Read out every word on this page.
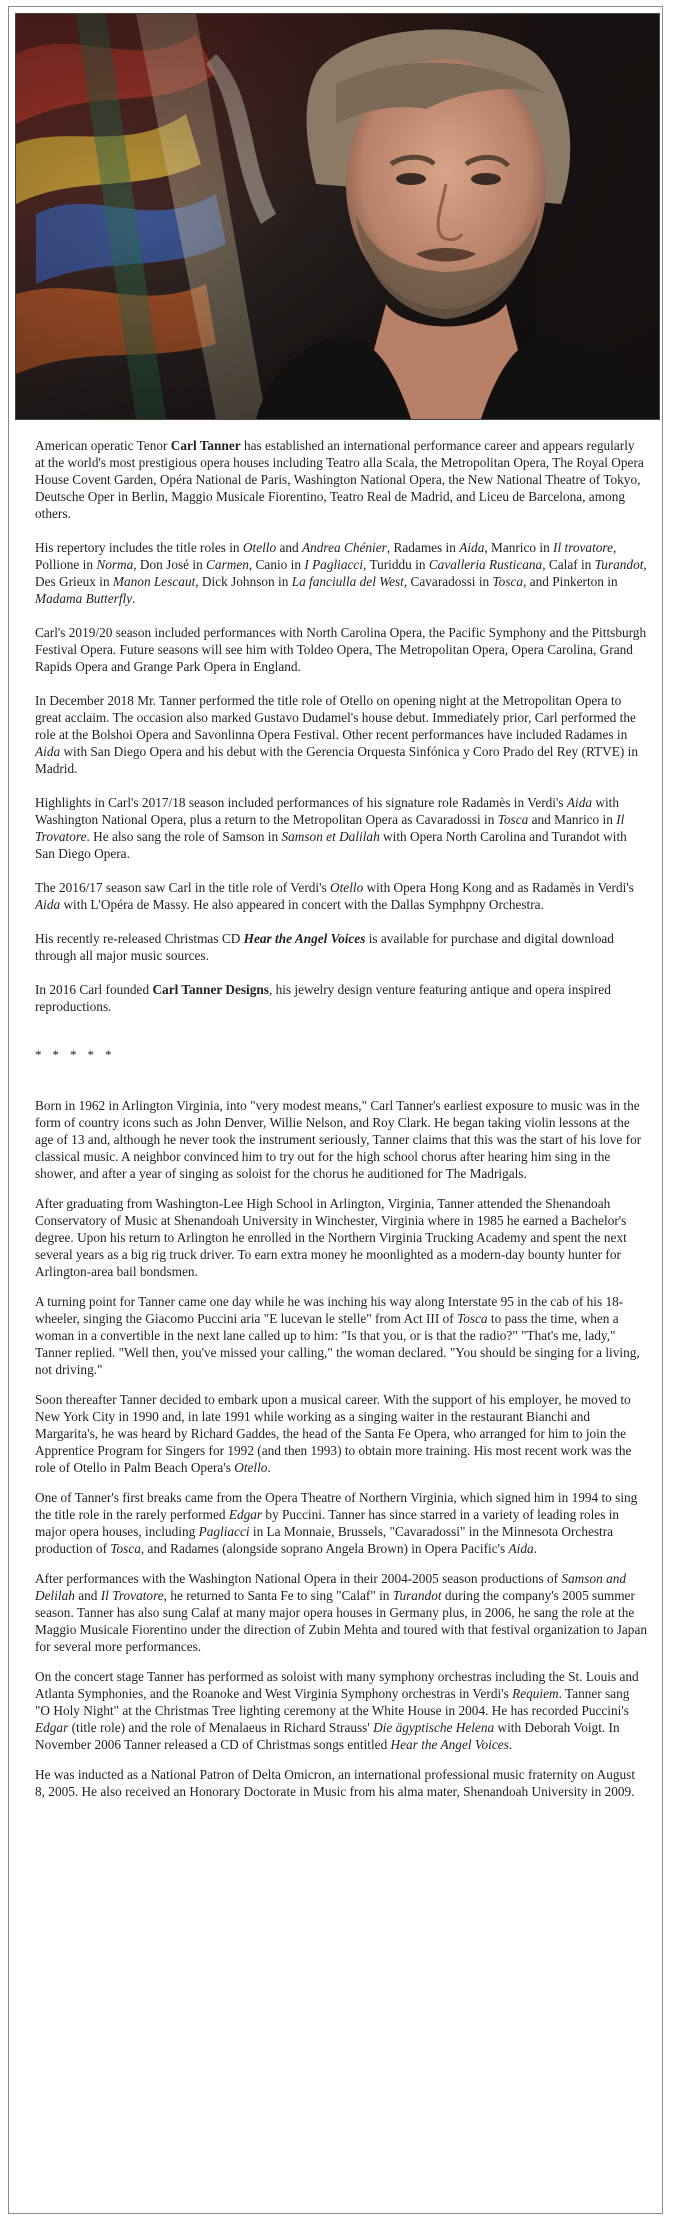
American operatic Tenor Carl Tanner has established an international performance career and appears regularly at the world's most prestigious opera houses including Teatro alla Scala, the Metropolitan Opera, The Royal Opera House Covent Garden, Opéra National de Paris, Washington National Opera, the New National Theatre of Tokyo, Deutsche Oper in Berlin, Maggio Musicale Fiorentino, Teatro Real de Madrid, and Liceu de Barcelona, among others.

His repertory includes the title roles in Otello and Andrea Chénier, Radames in Aida, Manrico in Il trovatore, Pollione in Norma, Don José in Carmen, Canio in I Pagliacci, Turiddu in Cavalleria Rusticana, Calaf in Turandot, Des Grieux in Manon Lescaut, Dick Johnson in La fanciulla del West, Cavaradossi in Tosca, and Pinkerton in Madama Butterfly.

Carl's 2019/20 season included performances with North Carolina Opera, the Pacific Symphony and the Pittsburgh Festival Opera. Future seasons will see him with Toldeo Opera, The Metropolitan Opera, Opera Carolina, Grand Rapids Opera and Grange Park Opera in England.

In December 2018 Mr. Tanner performed the title role of Otello on opening night at the Metropolitan Opera to great acclaim. The occasion also marked Gustavo Dudamel's house debut. Immediately prior, Carl performed the role at the Bolshoi Opera and Savonlinna Opera Festival. Other recent performances have included Radames in Aida with San Diego Opera and his debut with the Gerencia Orquesta Sinfónica y Coro Prado del Rey (RTVE) in Madrid.

Highlights in Carl's 2017/18 season included performances of his signature role Radamès in Verdi's Aida with Washington National Opera, plus a return to the Metropolitan Opera as Cavaradossi in Tosca and Manrico in Il Trovatore. He also sang the role of Samson in Samson et Dalilah with Opera North Carolina and Turandot with San Diego Opera.

The 2016/17 season saw Carl in the title role of Verdi's Otello with Opera Hong Kong and as Radamès in Verdi's Aida with L'Opéra de Massy. He also appeared in concert with the Dallas Symphpny Orchestra.

His recently re-released Christmas CD Hear the Angel Voices is available for purchase and digital download through all major music sources.

In 2016 Carl founded Carl Tanner Designs, his jewelry design venture featuring antique and opera inspired reproductions.

* * * * *

Born in 1962 in Arlington Virginia, into "very modest means," Carl Tanner's earliest exposure to music was in the form of country icons such as John Denver, Willie Nelson, and Roy Clark. He began taking violin lessons at the age of 13 and, although he never took the instrument seriously, Tanner claims that this was the start of his love for classical music. A neighbor convinced him to try out for the high school chorus after hearing him sing in the shower, and after a year of singing as soloist for the chorus he auditioned for The Madrigals.

After graduating from Washington-Lee High School in Arlington, Virginia, Tanner attended the Shenandoah Conservatory of Music at Shenandoah University in Winchester, Virginia where in 1985 he earned a Bachelor's degree. Upon his return to Arlington he enrolled in the Northern Virginia Trucking Academy and spent the next several years as a big rig truck driver. To earn extra money he moonlighted as a modern-day bounty hunter for Arlington-area bail bondsmen.

A turning point for Tanner came one day while he was inching his way along Interstate 95 in the cab of his 18-wheeler, singing the Giacomo Puccini aria "E lucevan le stelle" from Act III of Tosca to pass the time, when a woman in a convertible in the next lane called up to him: "Is that you, or is that the radio?" "That's me, lady," Tanner replied. "Well then, you've missed your calling," the woman declared. "You should be singing for a living, not driving."

Soon thereafter Tanner decided to embark upon a musical career. With the support of his employer, he moved to New York City in 1990 and, in late 1991 while working as a singing waiter in the restaurant Bianchi and Margarita's, he was heard by Richard Gaddes, the head of the Santa Fe Opera, who arranged for him to join the Apprentice Program for Singers for 1992 (and then 1993) to obtain more training. His most recent work was the role of Otello in Palm Beach Opera's Otello.

One of Tanner's first breaks came from the Opera Theatre of Northern Virginia, which signed him in 1994 to sing the title role in the rarely performed Edgar by Puccini. Tanner has since starred in a variety of leading roles in major opera houses, including Pagliacci in La Monnaie, Brussels, "Cavaradossi" in the Minnesota Orchestra production of Tosca, and Radames (alongside soprano Angela Brown) in Opera Pacific's Aida.

After performances with the Washington National Opera in their 2004-2005 season productions of Samson and Delilah and Il Trovatore, he returned to Santa Fe to sing "Calaf" in Turandot during the company's 2005 summer season. Tanner has also sung Calaf at many major opera houses in Germany plus, in 2006, he sang the role at the Maggio Musicale Fiorentino under the direction of Zubin Mehta and toured with that festival organization to Japan for several more performances.

On the concert stage Tanner has performed as soloist with many symphony orchestras including the St. Louis and Atlanta Symphonies, and the Roanoke and West Virginia Symphony orchestras in Verdi's Requiem. Tanner sang "O Holy Night" at the Christmas Tree lighting ceremony at the White House in 2004. He has recorded Puccini's Edgar (title role) and the role of Menalaeus in Richard Strauss' Die ägyptische Helena with Deborah Voigt. In November 2006 Tanner released a CD of Christmas songs entitled Hear the Angel Voices.

He was inducted as a National Patron of Delta Omicron, an international professional music fraternity on August 8, 2005. He also received an Honorary Doctorate in Music from his alma mater, Shenandoah University in 2009.
